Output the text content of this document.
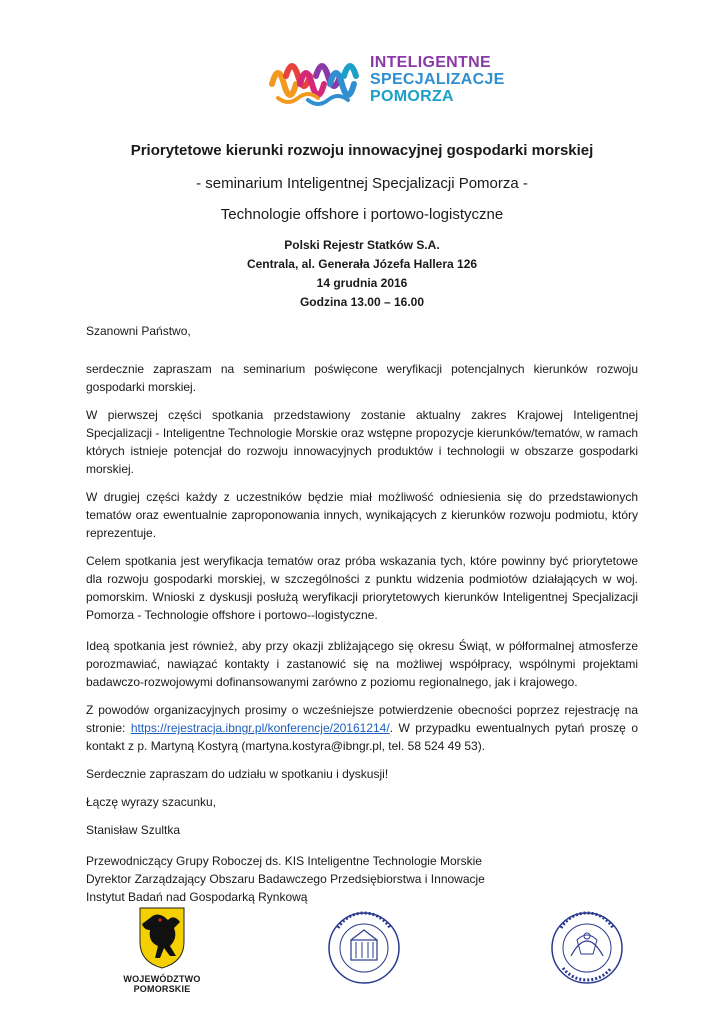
INTELIGENTNE
SPECJALIZACJE
POMORZA
Priorytetowe kierunki rozwoju innowacyjnej gospodarki morskiej
- seminarium Inteligentnej Specjalizacji Pomorza -
Technologie offshore i portowo-logistyczne
Polski Rejestr Statków S.A.
Centrala, al. Generała Józefa Hallera 126
14 grudnia 2016
Godzina 13.00 – 16.00

Szanowni Państwo,

serdecznie zapraszam na seminarium poświęcone weryfikacji potencjalnych kierunków rozwoju gospodarki morskiej.

W pierwszej części spotkania przedstawiony zostanie aktualny zakres Krajowej Inteligentnej Specjalizacji - Inteligentne Technologie Morskie oraz wstępne propozycje kierunków/tematów, w ramach których istnieje potencjał do rozwoju innowacyjnych produktów i technologii w obszarze gospodarki morskiej.

W drugiej części każdy z uczestników będzie miał możliwość odniesienia się do przedstawionych tematów oraz ewentualnie zaproponowania innych, wynikających z kierunków rozwoju podmiotu, który reprezentuje.

Celem spotkania jest weryfikacja tematów oraz próba wskazania tych, które powinny być priorytetowe dla rozwoju gospodarki morskiej, w szczególności z punktu widzenia podmiotów działających w woj. pomorskim. Wnioski z dyskusji posłużą weryfikacji priorytetowych kierunków Inteligentnej Specjalizacji Pomorza - Technologie offshore i portowo-‑logistyczne.

Ideą spotkania jest również, aby przy okazji zbliżającego się okresu Świąt, w półformalnej atmosferze porozmawiać, nawiązać kontakty i zastanowić się na możliwej współpracy, wspólnymi projektami badawczo-rozwojowymi dofinansowanymi zarówno z poziomu regionalnego, jak i krajowego.

Z powodów organizacyjnych prosimy o wcześniejsze potwierdzenie obecności poprzez rejestrację na stronie: https://rejestracja.ibngr.pl/konferencje/20161214/. W przypadku ewentualnych pytań proszę o kontakt z p. Martyną Kostyrą (martyna.kostyra@ibngr.pl, tel. 58 524 49 53).

Serdecznie zapraszam do udziału w spotkaniu i dyskusji!

Łączę wyrazy szacunku,

Stanisław Szultka

Przewodniczący Grupy Roboczej ds. KIS Inteligentne Technologie Morskie

Dyrektor Zarządzający Obszaru Badawczego Przedsiębiorstwa i Innowacje

Instytut Badań nad Gospodarką Rynkową

WOJEWÓDZTWO POMORSKIE
